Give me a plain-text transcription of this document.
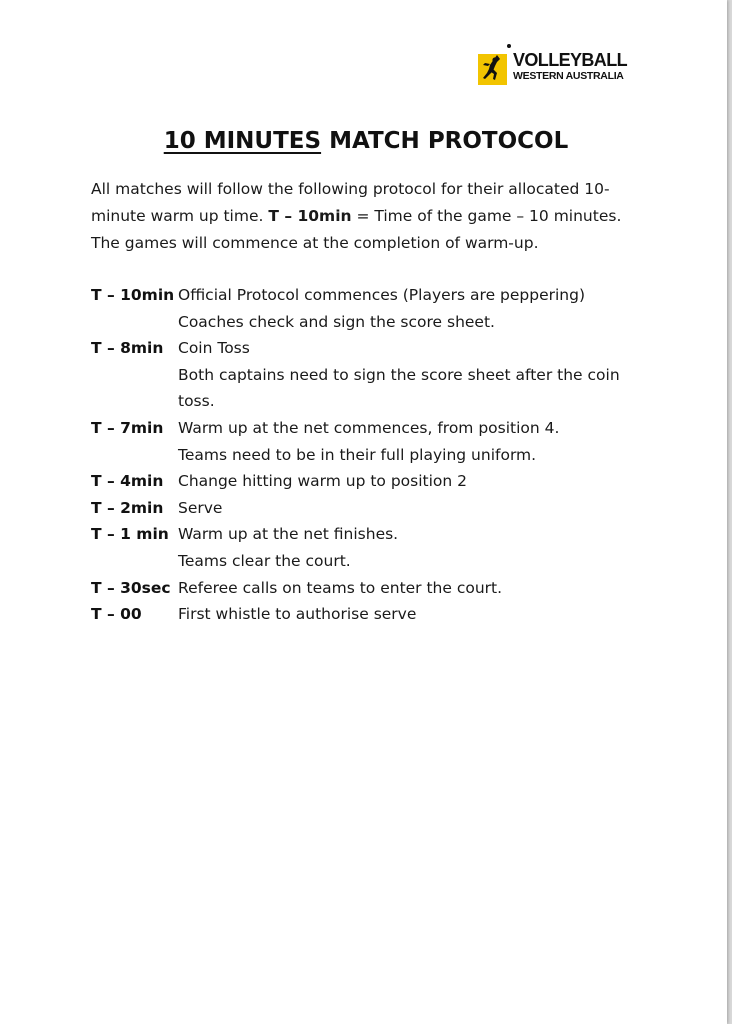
VOLLEYBALL
WESTERN AUSTRALIA
10 MINUTES MATCH PROTOCOL
All matches will follow the following protocol for their allocated 10-
minute warm up time. T – 10min = Time of the game – 10 minutes.
The games will commence at the completion of warm-up.
T – 10min Official Protocol commences (Players are peppering)
Coaches check and sign the score sheet.
T – 8min Coin Toss
Both captains need to sign the score sheet after the coin
toss.
T – 7min Warm up at the net commences, from position 4.
Teams need to be in their full playing uniform.
T – 4min Change hitting warm up to position 2
T – 2min Serve
T – 1 min Warm up at the net finishes.
Teams clear the court.
T – 30sec Referee calls on teams to enter the court.
T – 00	First whistle to authorise serve
